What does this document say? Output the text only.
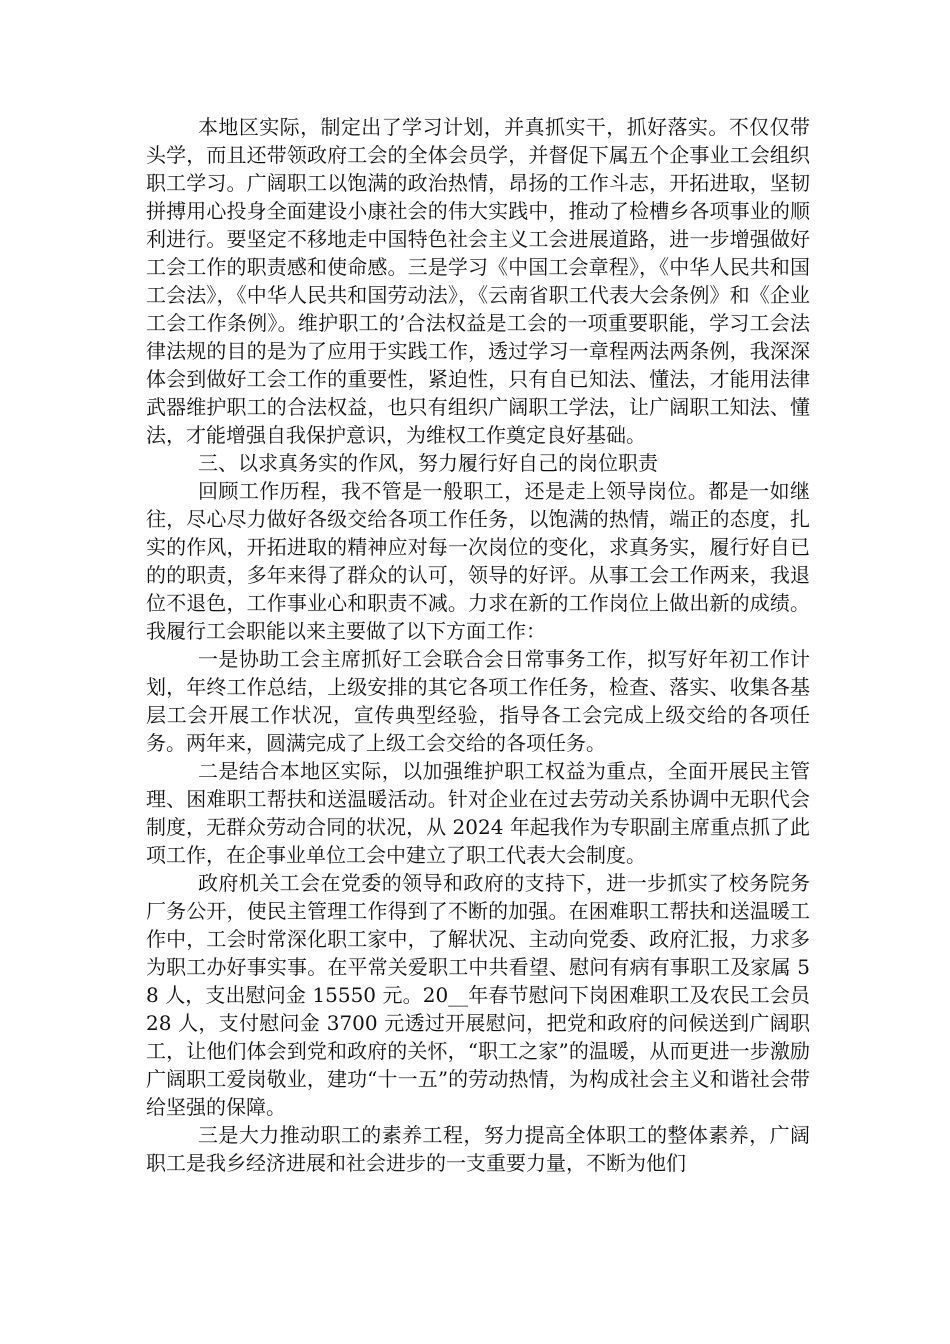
本地区实际，制定出了学习计划，并真抓实干，抓好落实。不仅仅带头学，而且还带领政府工会的全体会员学，并督促下属五个企事业工会组织职工学习。广阔职工以饱满的政治热情，昂扬的工作斗志，开拓进取，坚韧拼搏用心投身全面建设小康社会的伟大实践中，推动了检槽乡各项事业的顺利进行。要坚定不移地走中国特色社会主义工会进展道路，进一步增强做好工会工作的职责感和使命感。三是学习《中国工会章程》，《中华人民共和国工会法》，《中华人民共和国劳动法》，《云南省职工代表大会条例》和《企业工会工作条例》。维护职工的’合法权益是工会的一项重要职能，学习工会法律法规的目的是为了应用于实践工作，透过学习一章程两法两条例，我深深体会到做好工会工作的重要性，紧迫性，只有自已知法、懂法，才能用法律武器维护职工的合法权益，也只有组织广阔职工学法，让广阔职工知法、懂法，才能增强自我保护意识，为维权工作奠定良好基础。

三、以求真务实的作风，努力履行好自己的岗位职责

回顾工作历程，我不管是一般职工，还是走上领导岗位。都是一如继往，尽心尽力做好各级交给各项工作任务，以饱满的热情，端正的态度，扎实的作风，开拓进取的精神应对每一次岗位的变化，求真务实，履行好自已的的职责，多年来得了群众的认可，领导的好评。从事工会工作两来，我退位不退色，工作事业心和职责不减。力求在新的工作岗位上做出新的成绩。我履行工会职能以来主要做了以下方面工作：

一是协助工会主席抓好工会联合会日常事务工作，拟写好年初工作计划，年终工作总结，上级安排的其它各项工作任务，检查、落实、收集各基层工会开展工作状况，宣传典型经验，指导各工会完成上级交给的各项任务。两年来，圆满完成了上级工会交给的各项任务。

二是结合本地区实际，以加强维护职工权益为重点，全面开展民主管理、困难职工帮扶和送温暖活动。针对企业在过去劳动关系协调中无职代会制度，无群众劳动合同的状况，从 2024 年起我作为专职副主席重点抓了此项工作，在企事业单位工会中建立了职工代表大会制度。

政府机关工会在党委的领导和政府的支持下，进一步抓实了校务院务厂务公开，使民主管理工作得到了不断的加强。在困难职工帮扶和送温暖工作中，工会时常深化职工家中，了解状况、主动向党委、政府汇报，力求多为职工办好事实事。在平常关爱职工中共看望、慰问有病有事职工及家属 58 人，支出慰问金 15550 元。20__年春节慰问下岗困难职工及农民工会员 28 人，支付慰问金 3700 元透过开展慰问，把党和政府的问候送到广阔职工，让他们体会到党和政府的关怀，“职工之家”的温暖，从而更进一步激励广阔职工爱岗敬业，建功“十一五”的劳动热情，为构成社会主义和谐社会带给坚强的保障。

三是大力推动职工的素养工程，努力提高全体职工的整体素养，广阔职工是我乡经济进展和社会进步的一支重要力量，不断为他们
